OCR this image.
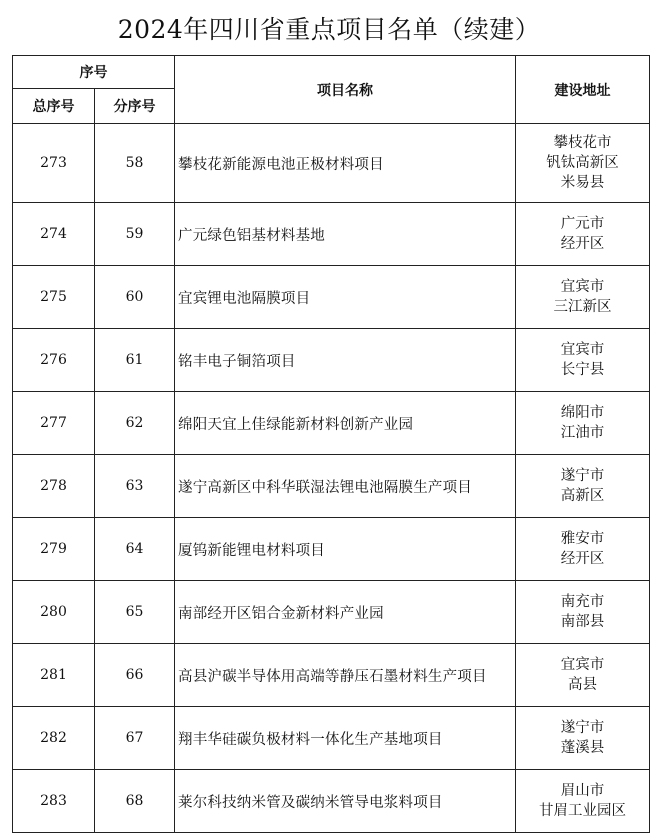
2024年四川省重点项目名单（续建）
序号		项目名称	建设地址
总序号	分序号		
273	58	攀枝花新能源电池正极材料项目	攀枝花市
钒钛高新区
米易县

274	59	广元绿色铝基材料基地	广元市
经开区

275	60	宜宾锂电池隔膜项目	宜宾市
三江新区

276	61	铭丰电子铜箔项目	宜宾市
长宁县

277	62	绵阳天宜上佳绿能新材料创新产业园	绵阳市
江油市

278	63	遂宁高新区中科华联湿法锂电池隔膜生产项目	遂宁市
高新区

279	64	厦钨新能锂电材料项目	雅安市
经开区

280	65	南部经开区铝合金新材料产业园	南充市
南部县

281	66	高县沪碳半导体用高端等静压石墨材料生产项目	宜宾市
高县

282	67	翔丰华硅碳负极材料一体化生产基地项目	遂宁市
蓬溪县

283	68	莱尔科技纳米管及碳纳米管导电浆料项目	眉山市
甘眉工业园区
